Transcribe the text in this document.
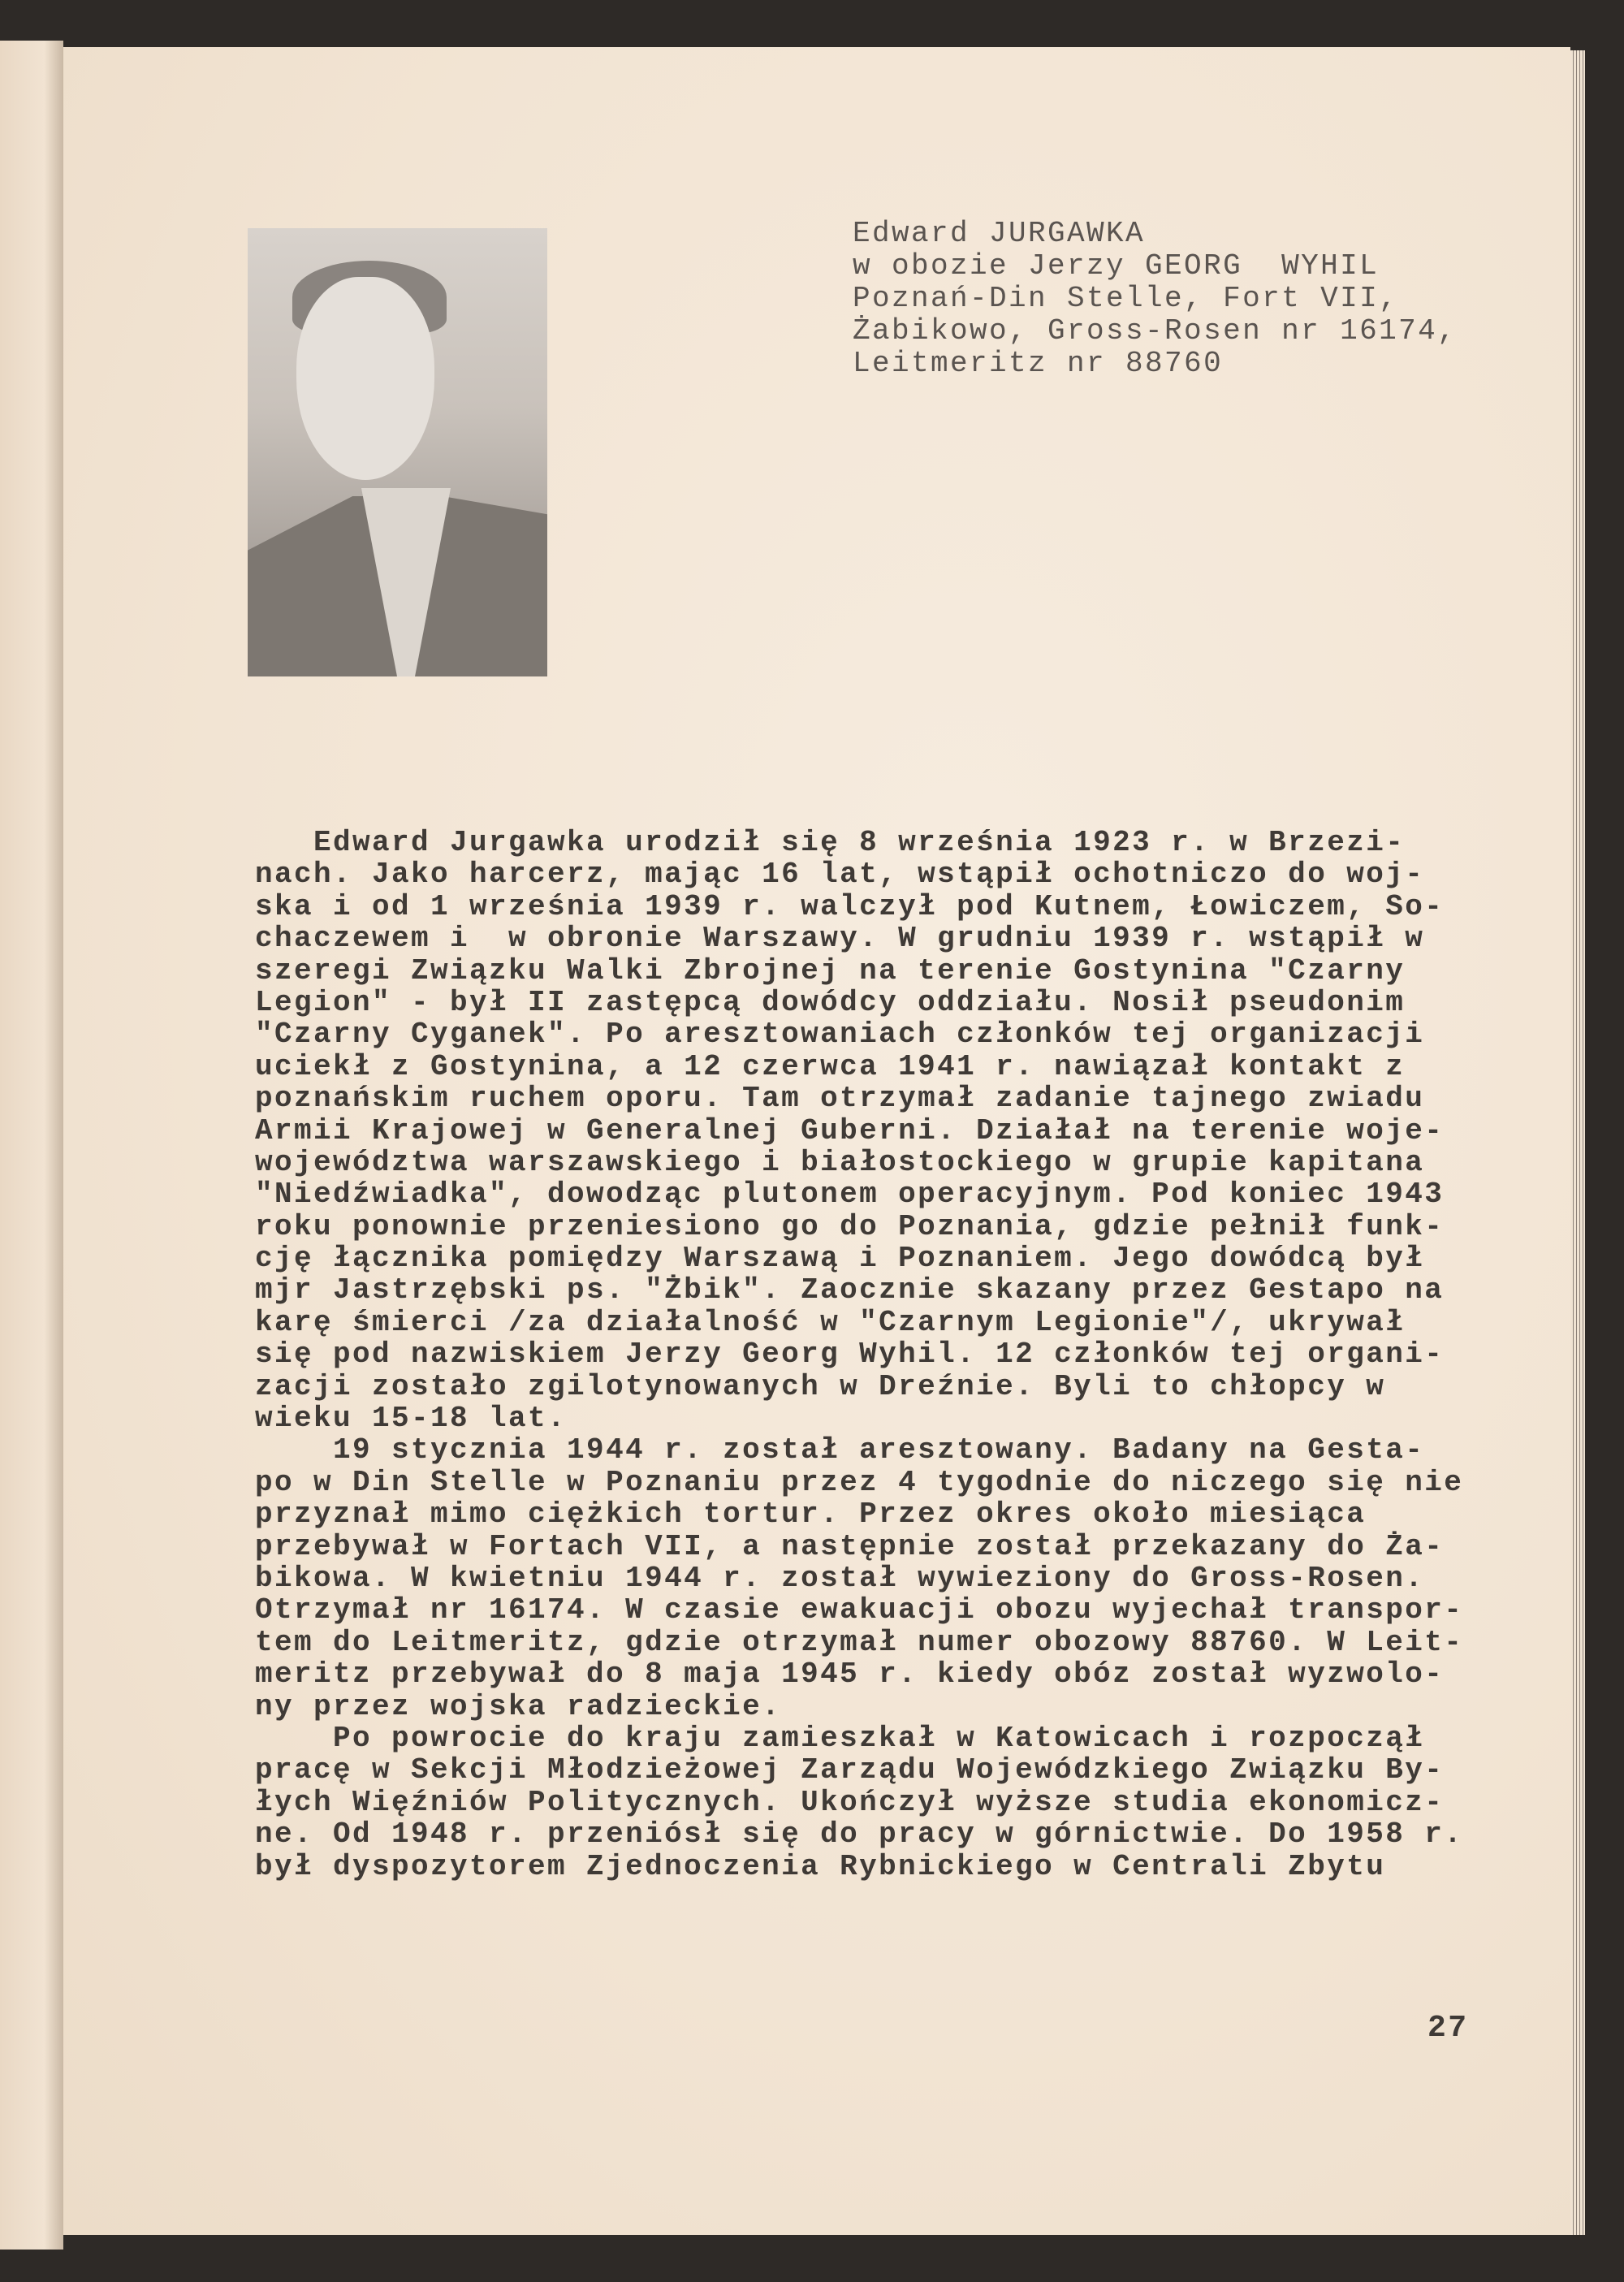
Edward JURGAWKA
w obozie Jerzy GEORG  WYHIL
Poznań-Din Stelle, Fort VII,
Żabikowo, Gross-Rosen nr 16174,
Leitmeritz nr 88760
Edward Jurgawka urodził się 8 września 1923 r. w Brzezi-
nach. Jako harcerz, mając 16 lat, wstąpił ochotniczo do woj-
ska i od 1 września 1939 r. walczył pod Kutnem, Łowiczem, So-
chaczewem i  w obronie Warszawy. W grudniu 1939 r. wstąpił w
szeregi Związku Walki Zbrojnej na terenie Gostynina "Czarny
Legion" - był II zastępcą dowódcy oddziału. Nosił pseudonim
"Czarny Cyganek". Po aresztowaniach członków tej organizacji
uciekł z Gostynina, a 12 czerwca 1941 r. nawiązał kontakt z
poznańskim ruchem oporu. Tam otrzymał zadanie tajnego zwiadu
Armii Krajowej w Generalnej Guberni. Działał na terenie woje-
województwa warszawskiego i białostockiego w grupie kapitana
"Niedźwiadka", dowodząc plutonem operacyjnym. Pod koniec 1943
roku ponownie przeniesiono go do Poznania, gdzie pełnił funk-
cję łącznika pomiędzy Warszawą i Poznaniem. Jego dowódcą był
mjr Jastrzębski ps. "Żbik". Zaocznie skazany przez Gestapo na
karę śmierci /za działalność w "Czarnym Legionie"/, ukrywał
się pod nazwiskiem Jerzy Georg Wyhil. 12 członków tej organi-
zacji zostało zgilotynowanych w Dreźnie. Byli to chłopcy w
wieku 15-18 lat.
19 stycznia 1944 r. został aresztowany. Badany na Gesta-
po w Din Stelle w Poznaniu przez 4 tygodnie do niczego się nie
przyznał mimo ciężkich tortur. Przez okres około miesiąca
przebywał w Fortach VII, a następnie został przekazany do Ża-
bikowa. W kwietniu 1944 r. został wywieziony do Gross-Rosen.
Otrzymał nr 16174. W czasie ewakuacji obozu wyjechał transpor-
tem do Leitmeritz, gdzie otrzymał numer obozowy 88760. W Leit-
meritz przebywał do 8 maja 1945 r. kiedy obóz został wyzwolo-
ny przez wojska radzieckie.
Po powrocie do kraju zamieszkał w Katowicach i rozpoczął
pracę w Sekcji Młodzieżowej Zarządu Wojewódzkiego Związku By-
łych Więźniów Politycznych. Ukończył wyższe studia ekonomicz-
ne. Od 1948 r. przeniósł się do pracy w górnictwie. Do 1958 r.
był dyspozytorem Zjednoczenia Rybnickiego w Centrali Zbytu
27
